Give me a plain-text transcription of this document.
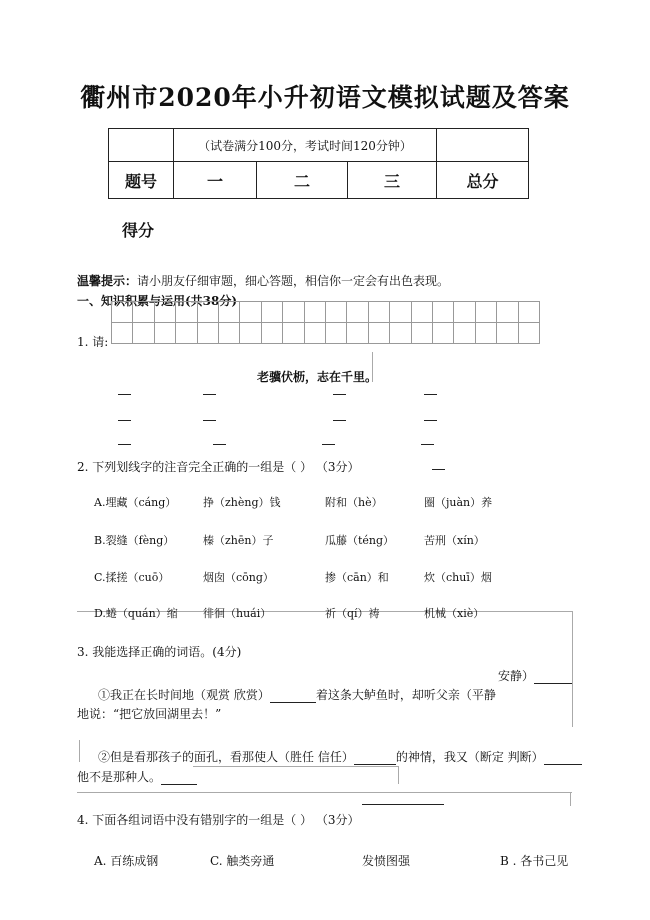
衢州市2020年小升初语文模拟试题及答案
	（试卷满分100分，考试时间120分钟）			
题号	一	二	三	总分
得分
温馨提示：请小朋友仔细审题，细心答题，相信你一定会有出色表现。
一、知识积累与运用(共38分)
1. 请:
老骥伏枥，志在千里。
2. 下列划线字的注音完全正确的一组是（ ） （3分）
A.埋藏（cáng） 挣（zhèng）钱	附和（hè）	圈（juàn）养
B.裂缝（fèng）	榛（zhēn）子	瓜藤（téng）	苦刑（xín）
C.揉搓（cuō）	烟囱（cōng）	掺（cān）和	炊（chuī）烟
D.蜷（quán）缩 徘徊（huái）	祈（qí）祷	机械（xiè）
3. 我能选择正确的词语。(4分)
安静）
①我正在长时间地（观赏 欣赏）	着这条大鲈鱼时，却听父亲（平静
地说：“把它放回湖里去！”
②但是看那孩子的面孔，看那使人（胜任 信任）	的神情，我又（断定 判断）
他不是那种人。
4. 下面各组词语中没有错别字的一组是（ ） （3分）
A. 百练成钢	C. 触类旁通	发愤图强	B . 各书己见
